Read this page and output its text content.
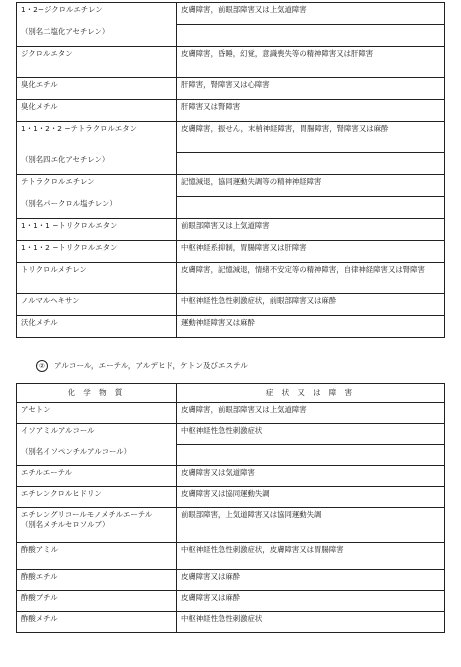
1・2−ジクロルエチレン	皮膚障害，前眼部障害又は上気道障害
（別名二塩化アセチレン）	
ジクロルエタン	皮膚障害，昏睡，幻覚，意識喪失等の精神障害又は肝障害
臭化エチル	肝障害，腎障害又は心障害
臭化メチル	肝障害又は腎障害
1・1・2・2 −テトラクロルエタン	皮膚障害，振せん，末梢神経障害，胃腸障害，腎障害又は麻酔
（別名四エ化アセチレン）	
テトラクロルエチレン	記憶減退，協同運動失調等の精神神経障害
（別名パークロル塩チレン）	
1・1・1 −トリクロルエタン	前眼部障害又は上気道障害
1・1・2 −トリクロルエタン	中枢神経系抑制，胃腸障害又は肝障害
トリクロルメチレン	皮膚障害，記憶減退，情緒不安定等の精神障害，自律神経障害又は腎障害
ノルマルヘキサン	中枢神経性急性刺激症状，前眼部障害又は麻酔
沃化メチル	運動神経障害又は麻酔
② アルコール，エーテル，アルデヒド，ケトン及びエステル
化 学 物 質	症 状 又 は 障 害
アセトン	皮膚障害，前眼部障害又は上気道障害
イソアミルアルコール	中枢神経性急性刺激症状
（別名イソペンチルアルコール）	
エチルエーテル	皮膚障害又は気道障害
エチレンクロルヒドリン	皮膚障害又は協同運動失調
エチレングリコールモノメチルエーテル
（別名メチルセロソルブ）	前眼部障害，上気道障害又は協同運動失調
酢酸アミル	中枢神経性急性刺激症状，皮膚障害又は胃腸障害
酢酸エチル	皮膚障害又は麻酔
酢酸ブチル	皮膚障害又は麻酔
酢酸メチル	中枢神経性急性刺激症状
